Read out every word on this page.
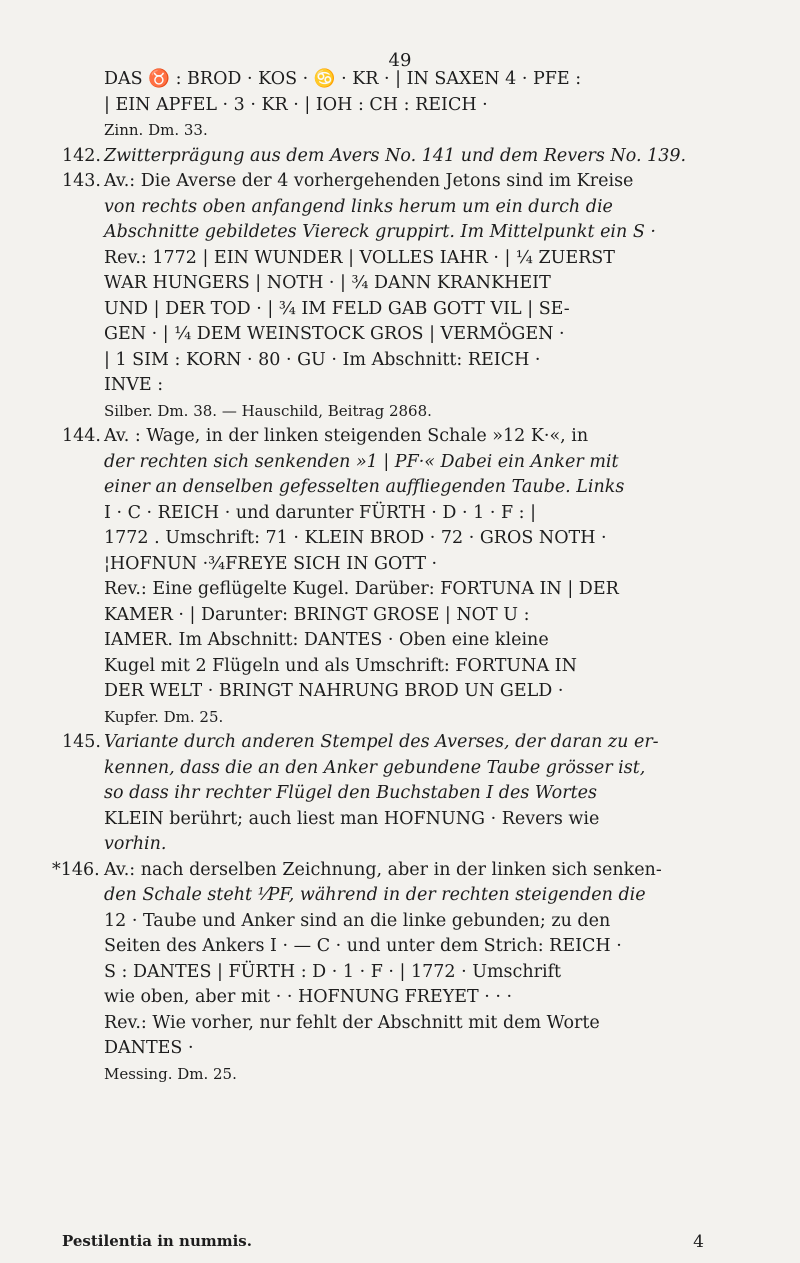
49
DAS ♉ : BROD · KOS · ♋ · KR · | IN SAXEN 4 · PFE :
| EIN APFEL · 3 · KR · | IOH : CH : REICH ·
Zinn. Dm. 33.
142. Zwitterprägung aus dem Avers No. 141 und dem Revers No. 139.
143. Av.: Die Averse der 4 vorhergehenden Jetons sind im Kreise
von rechts oben anfangend links herum um ein durch die
Abschnitte gebildetes Viereck gruppirt. Im Mittelpunkt ein S ·
Rev.: 1772 | EIN WUNDER | VOLLES IAHR · | ¼ ZUERST
WAR HUNGERS | NOTH · | ¾ DANN KRANKHEIT
UND | DER TOD · | ¾ IM FELD GAB GOTT VIL | SE-
GEN · | ¼ DEM WEINSTOCK GROS | VERMÖGEN ·
| 1 SIM : KORN · 80 · GU · Im Abschnitt: REICH ·
INVE :
Silber. Dm. 38. — Hauschild, Beitrag 2868.
144. Av. : Wage, in der linken steigenden Schale »12 K·«, in
der rechten sich senkenden »1 | PF·« Dabei ein Anker mit
einer an denselben gefesselten auffliegenden Taube. Links
I · C · REICH · und darunter FÜRTH · D · 1 · F : |
1772 . Umschrift: 71 · KLEIN BROD · 72 · GROS NOTH ·
¦HOFNUN ·¾FREYE SICH IN GOTT ·
Rev.: Eine geflügelte Kugel. Darüber: FORTUNA IN | DER
KAMER · | Darunter: BRINGT GROSE | NOT U :
IAMER. Im Abschnitt: DANTES · Oben eine kleine
Kugel mit 2 Flügeln und als Umschrift: FORTUNA IN
DER WELT · BRINGT NAHRUNG BROD UN GELD ·
Kupfer. Dm. 25.
145. Variante durch anderen Stempel des Averses, der daran zu er-
kennen, dass die an den Anker gebundene Taube grösser ist,
so dass ihr rechter Flügel den Buchstaben I des Wortes
KLEIN berührt; auch liest man HOFNUNG · Revers wie
vorhin.
*146. Av.: nach derselben Zeichnung, aber in der linken sich senken-
den Schale steht ¹⁄PF, während in der rechten steigenden die
12 · Taube und Anker sind an die linke gebunden; zu den
Seiten des Ankers I · — C · und unter dem Strich: REICH ·
S : DANTES | FÜRTH : D · 1 · F · | 1772 · Umschrift
wie oben, aber mit · · HOFNUNG FREYET · · ·
Rev.: Wie vorher, nur fehlt der Abschnitt mit dem Worte
DANTES ·
Messing. Dm. 25.
Pestilentia in nummis.	4
